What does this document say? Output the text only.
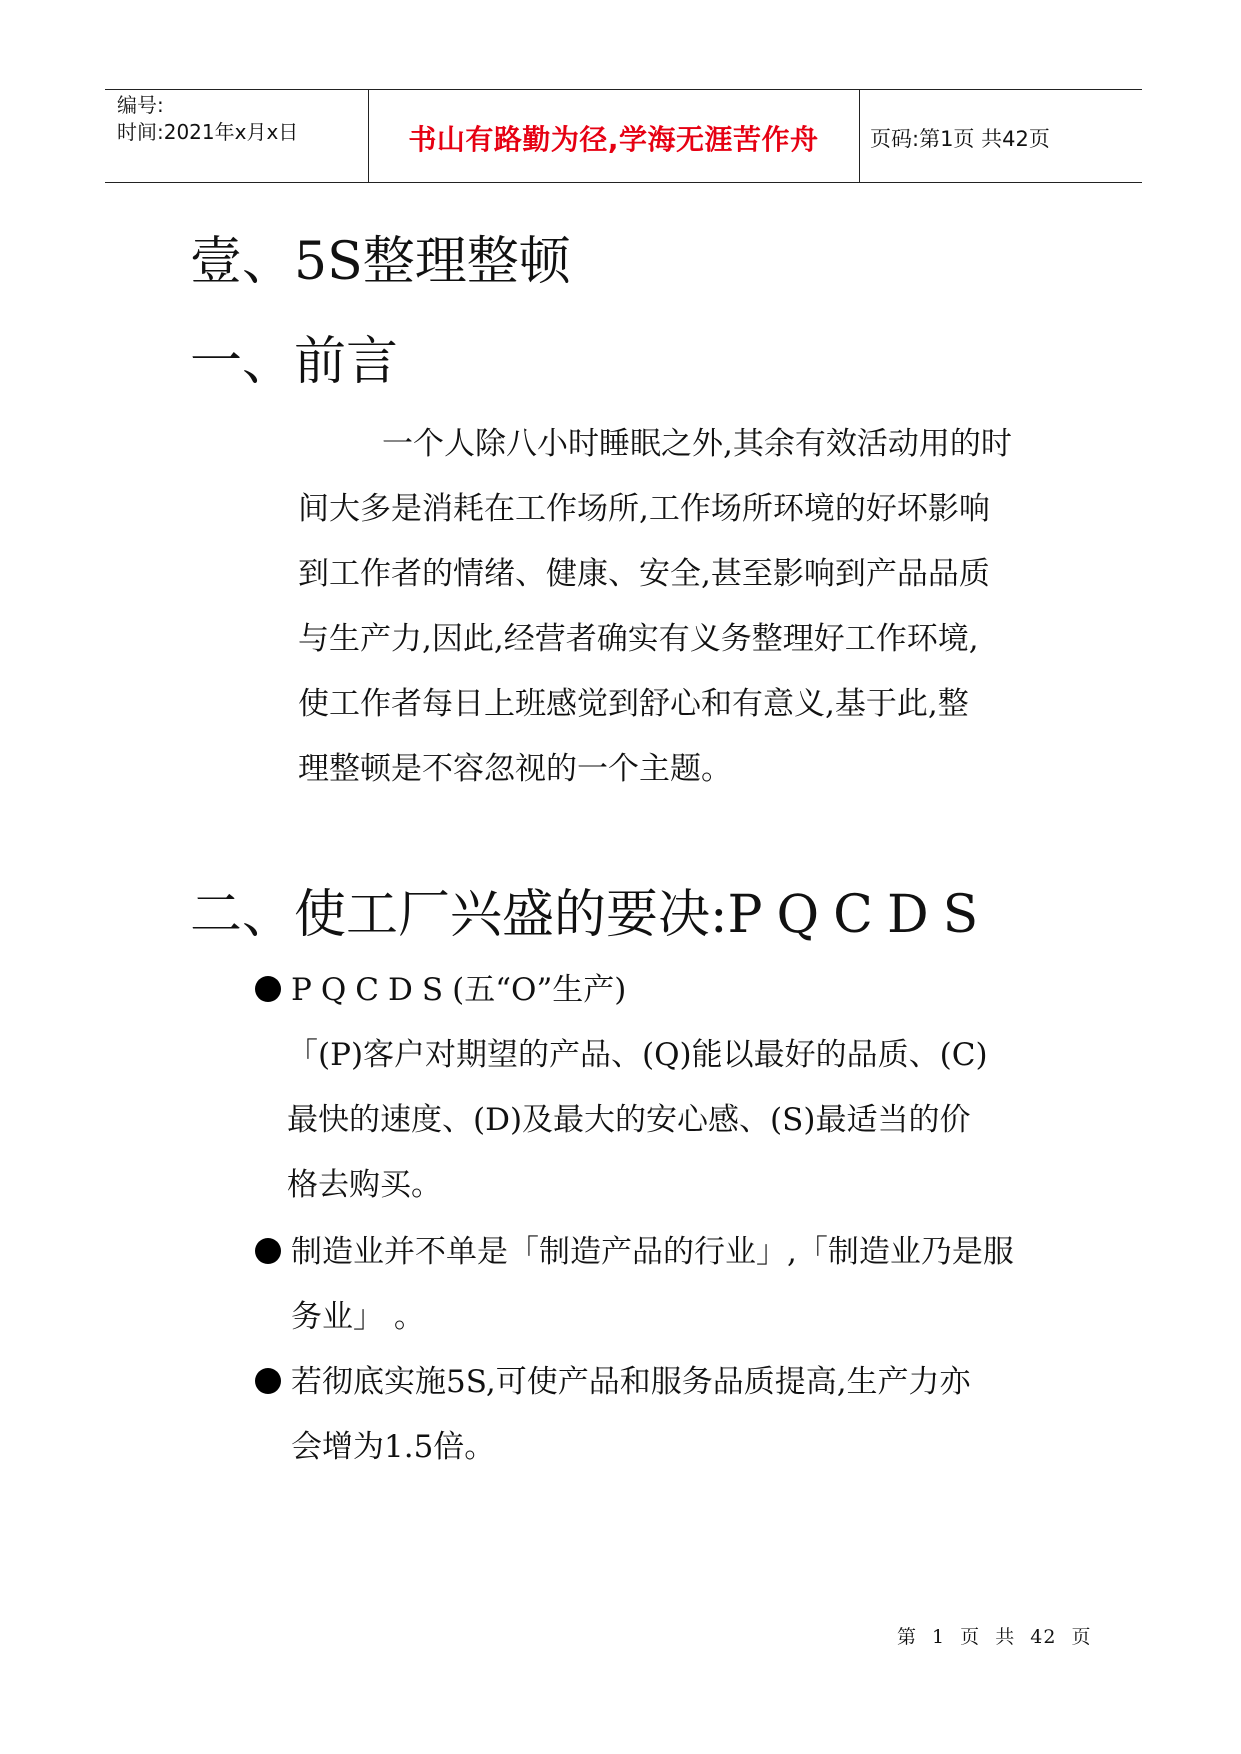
编号:
时间:2021年x月x日	书山有路勤为径,学海无涯苦作舟	页码:第1页 共42页
壹、5S整理整顿
一、前言
一个人除八小时睡眠之外,其余有效活动用的时
间大多是消耗在工作场所,工作场所环境的好坏影响
到工作者的情绪、健康、安全,甚至影响到产品品质
与生产力,因此,经营者确实有义务整理好工作环境,
使工作者每日上班感觉到舒心和有意义,基于此,整
理整顿是不容忽视的一个主题。
二、使工厂兴盛的要决:PQCDS
PQCDS(五“O”生产)
「(P)客户对期望的产品、(Q)能以最好的品质、(C)
最快的速度、(D)及最大的安心感、(S)最适当的价
格去购买。
制造业并不单是「制造产品的行业」,「制造业乃是服
务业」 。
若彻底实施5S,可使产品和服务品质提高,生产力亦
会增为1.5倍。
第 1 页 共 42 页
